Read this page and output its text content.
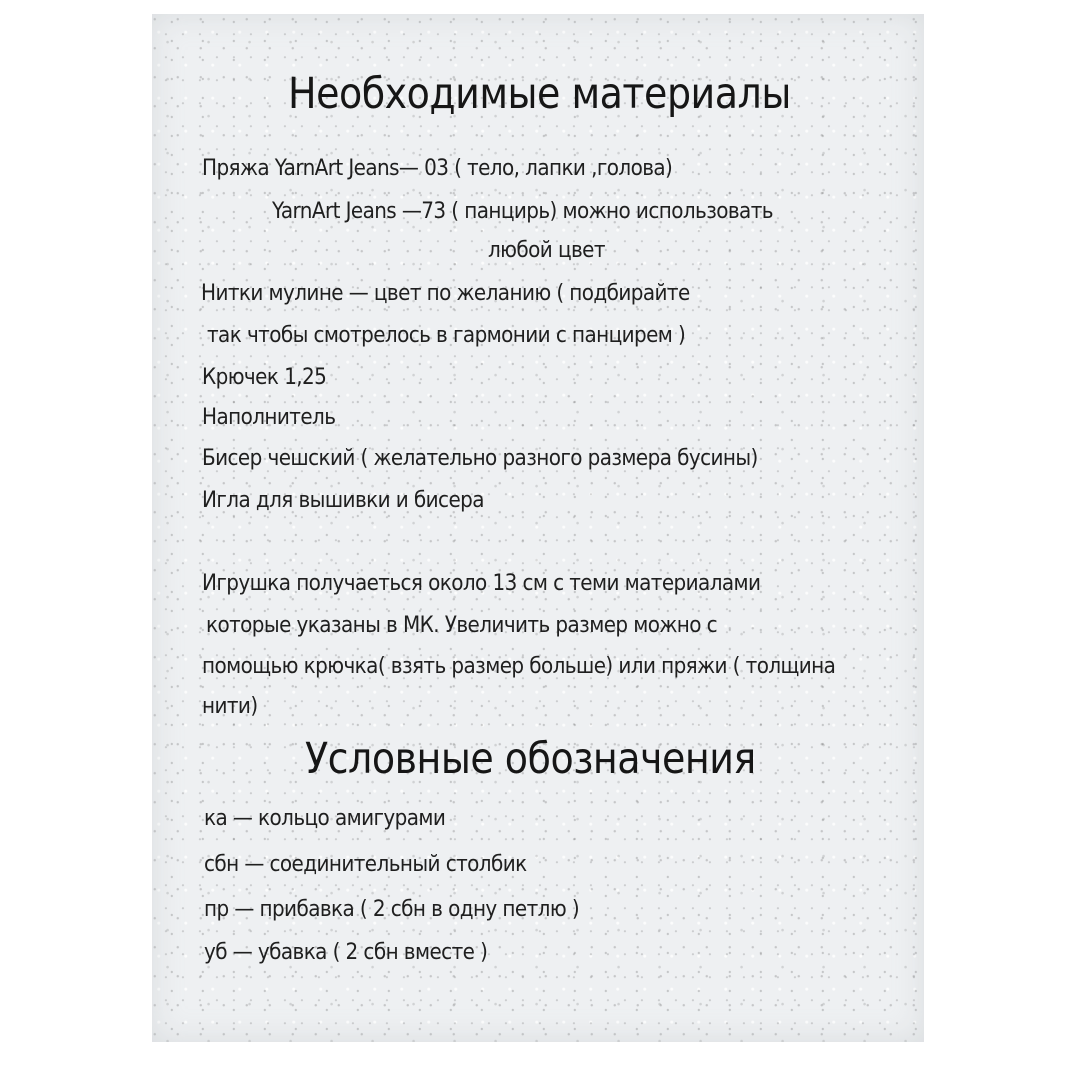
Необходимые материалы
Пряжа YarnArt Jeans— 03 ( тело, лапки ,голова)
YarnArt Jeans —73 ( панцирь) можно использовать
любой цвет
Нитки мулине — цвет по желанию ( подбирайте
так чтобы смотрелось в гармонии с панцирем )
Крючек 1,25
Наполнитель
Бисер чешский ( желательно разного размера бусины)
Игла для вышивки и бисера
Игрушка получаеться около 13 см с теми материалами
которые указаны в МК. Увеличить размер можно с
помощью крючка( взять размер больше) или пряжи ( толщина
нити)
Условные обозначения
ка — кольцо амигурами
сбн — соединительный столбик
пр — прибавка ( 2 сбн в одну петлю )
уб — убавка ( 2 сбн вместе )
